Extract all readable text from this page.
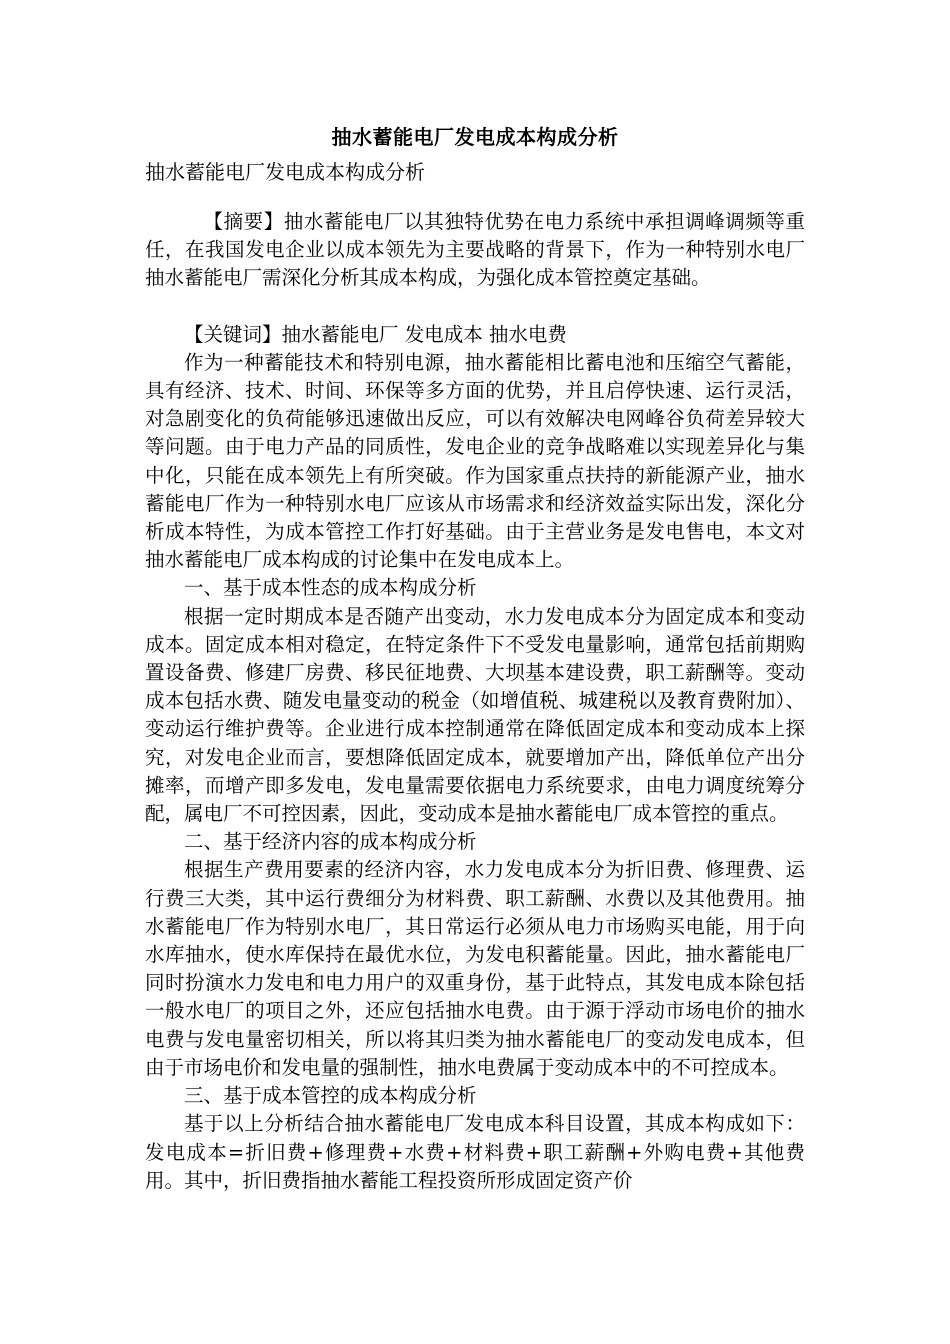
抽水蓄能电厂发电成本构成分析

抽水蓄能电厂发电成本构成分析

【摘要】抽水蓄能电厂以其独特优势在电力系统中承担调峰调频等重任，在我国发电企业以成本领先为主要战略的背景下，作为一种特别水电厂抽水蓄能电厂需深化分析其成本构成，为强化成本管控奠定基础。

【关键词】抽水蓄能电厂 发电成本 抽水电费

作为一种蓄能技术和特别电源，抽水蓄能相比蓄电池和压缩空气蓄能，具有经济、技术、时间、环保等多方面的优势，并且启停快速、运行灵活，对急剧变化的负荷能够迅速做出反应，可以有效解决电网峰谷负荷差异较大等问题。由于电力产品的同质性，发电企业的竞争战略难以实现差异化与集中化，只能在成本领先上有所突破。作为国家重点扶持的新能源产业，抽水蓄能电厂作为一种特别水电厂应该从市场需求和经济效益实际出发，深化分析成本特性，为成本管控工作打好基础。由于主营业务是发电售电，本文对抽水蓄能电厂成本构成的讨论集中在发电成本上。

一、基于成本性态的成本构成分析

根据一定时期成本是否随产出变动，水力发电成本分为固定成本和变动成本。固定成本相对稳定，在特定条件下不受发电量影响，通常包括前期购置设备费、修建厂房费、移民征地费、大坝基本建设费，职工薪酬等。变动成本包括水费、随发电量变动的税金（如增值税、城建税以及教育费附加）、变动运行维护费等。企业进行成本控制通常在降低固定成本和变动成本上探究，对发电企业而言，要想降低固定成本，就要增加产出，降低单位产出分摊率，而增产即多发电，发电量需要依据电力系统要求，由电力调度统筹分配，属电厂不可控因素，因此，变动成本是抽水蓄能电厂成本管控的重点。

二、基于经济内容的成本构成分析

根据生产费用要素的经济内容，水力发电成本分为折旧费、修理费、运行费三大类，其中运行费细分为材料费、职工薪酬、水费以及其他费用。抽水蓄能电厂作为特别水电厂，其日常运行必须从电力市场购买电能，用于向水库抽水，使水库保持在最优水位，为发电积蓄能量。因此，抽水蓄能电厂同时扮演水力发电和电力用户的双重身份，基于此特点，其发电成本除包括一般水电厂的项目之外，还应包括抽水电费。由于源于浮动市场电价的抽水电费与发电量密切相关，所以将其归类为抽水蓄能电厂的变动发电成本，但由于市场电价和发电量的强制性，抽水电费属于变动成本中的不可控成本。

三、基于成本管控的成本构成分析

基于以上分析结合抽水蓄能电厂发电成本科目设置，其成本构成如下：发电成本=折旧费+修理费+水费+材料费+职工薪酬+外购电费+其他费用。其中，折旧费指抽水蓄能工程投资所形成固定资产价
